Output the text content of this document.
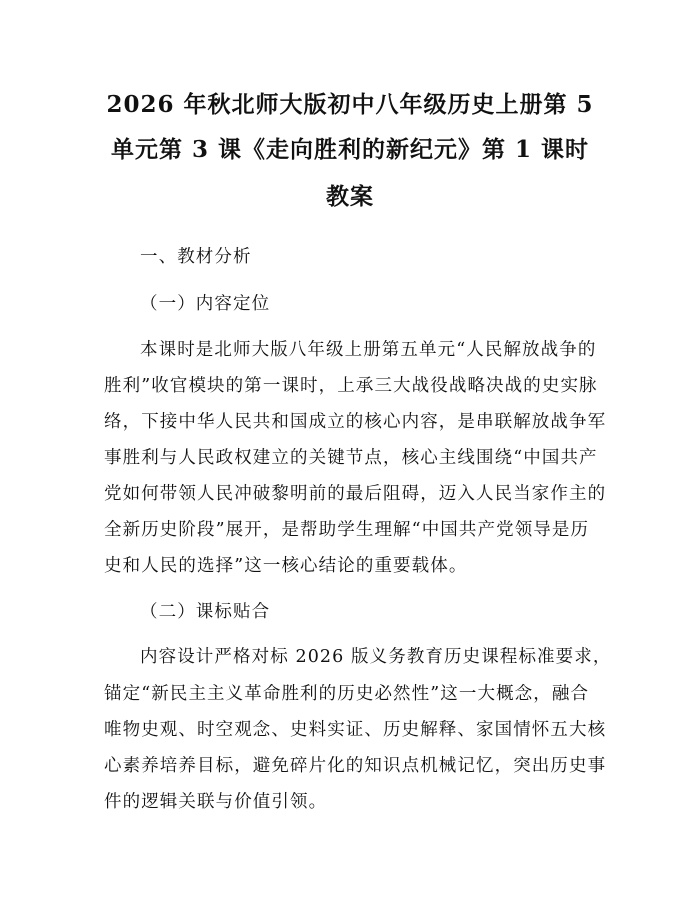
2026 年秋北师大版初中八年级历史上册第 5
单元第 3 课《走向胜利的新纪元》第 1 课时
教案
一、教材分析
（一）内容定位
本课时是北师大版八年级上册第五单元“人民解放战争的
胜利”收官模块的第一课时，上承三大战役战略决战的史实脉
络，下接中华人民共和国成立的核心内容，是串联解放战争军
事胜利与人民政权建立的关键节点，核心主线围绕“中国共产
党如何带领人民冲破黎明前的最后阻碍，迈入人民当家作主的
全新历史阶段”展开，是帮助学生理解“中国共产党领导是历
史和人民的选择”这一核心结论的重要载体。
（二）课标贴合
内容设计严格对标 2026 版义务教育历史课程标准要求，
锚定“新民主主义革命胜利的历史必然性”这一大概念，融合
唯物史观、时空观念、史料实证、历史解释、家国情怀五大核
心素养培养目标，避免碎片化的知识点机械记忆，突出历史事
件的逻辑关联与价值引领。
